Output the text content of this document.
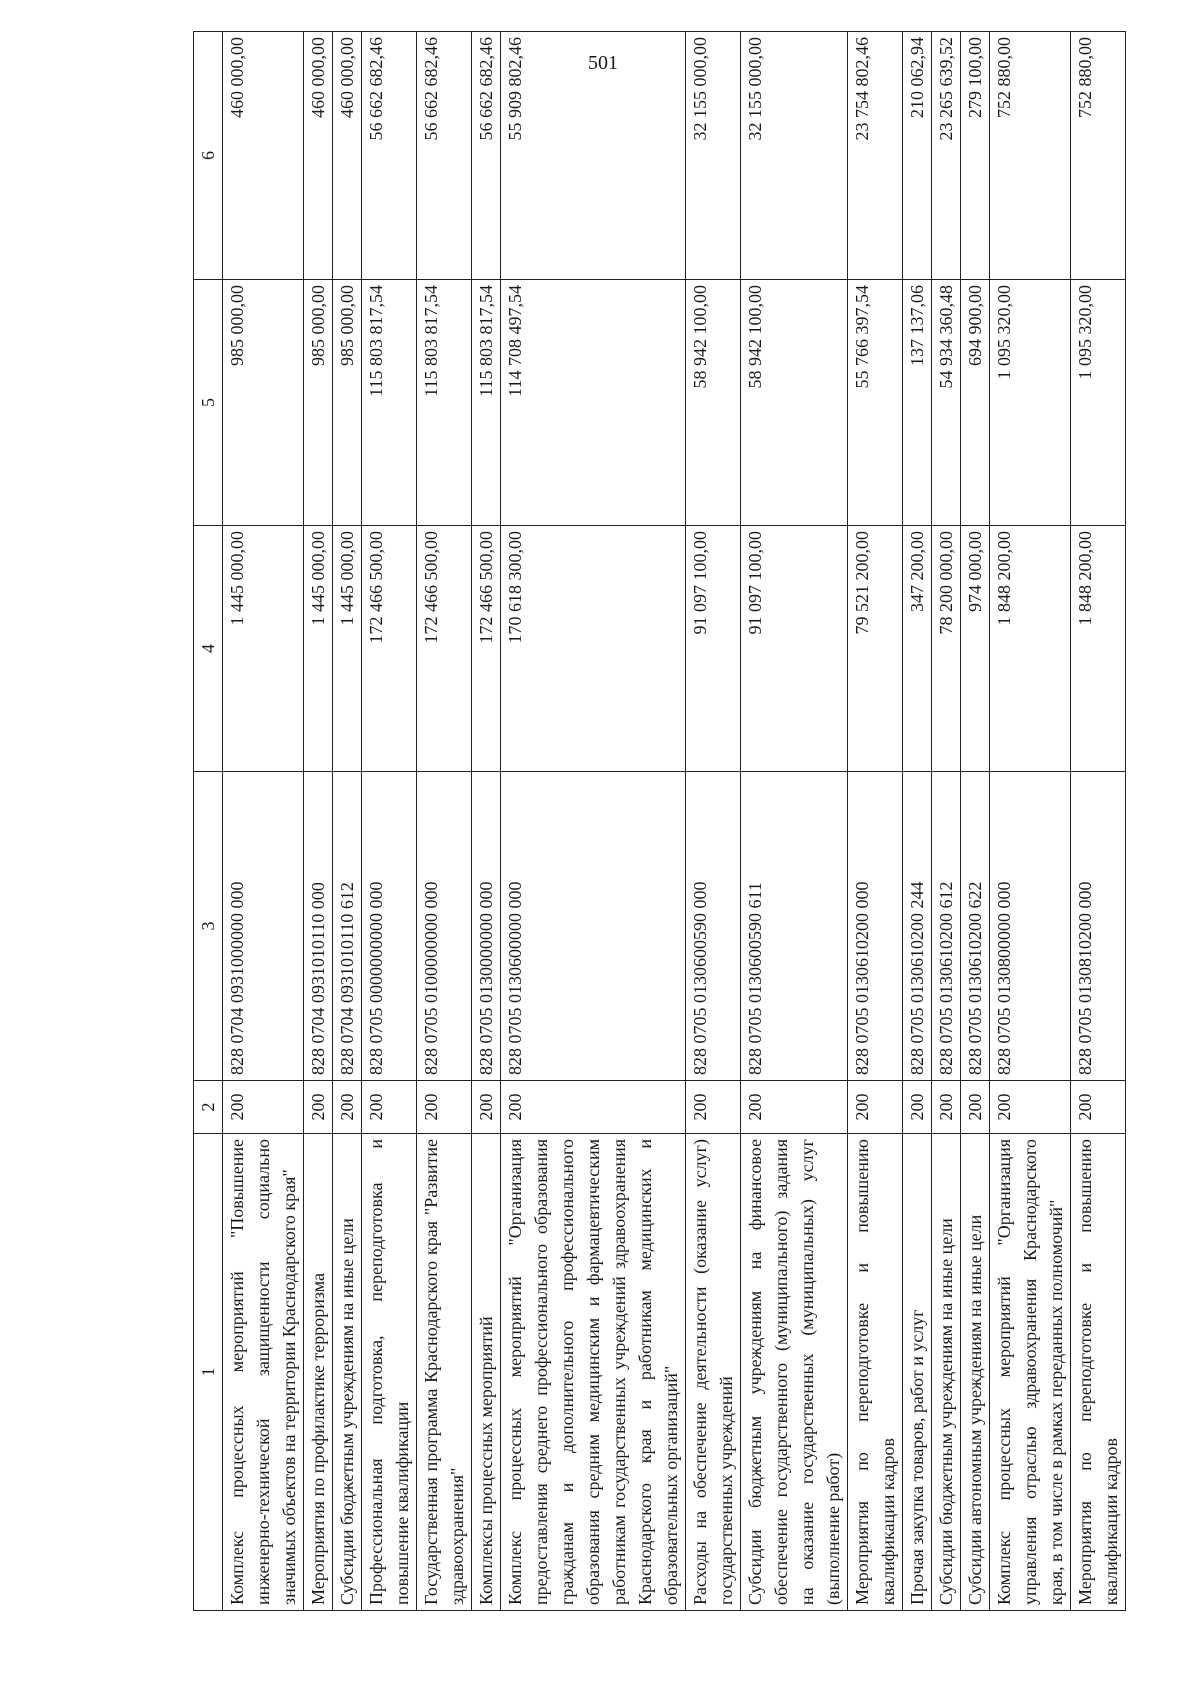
501
1	2	3	4	5	6
Комплекс процессных мероприятий "Повышение инженерно-технической защищенности социально значимых объектов на территории Краснодарского края"	200	828 0704 0931000000 000	1 445 000,00	985 000,00	460 000,00
Мероприятия по профилактике терроризма	200	828 0704 0931010110 000	1 445 000,00	985 000,00	460 000,00
Субсидии бюджетным учреждениям на иные цели	200	828 0704 0931010110 612	1 445 000,00	985 000,00	460 000,00
Профессиональная подготовка, переподготовка и повышение квалификации	200	828 0705 0000000000 000	172 466 500,00	115 803 817,54	56 662 682,46
Государственная программа Краснодарского края "Развитие здравоохранения"	200	828 0705 0100000000 000	172 466 500,00	115 803 817,54	56 662 682,46
Комплексы процессных мероприятий	200	828 0705 0130000000 000	172 466 500,00	115 803 817,54	56 662 682,46
Комплекс процессных мероприятий "Организация предоставления среднего профессионального образования гражданам и дополнительного профессионального образования средним медицинским и фармацевтическим работникам государственных учреждений здравоохранения Краснодарского края и работникам медицинских и образовательных организаций"	200	828 0705 0130600000 000	170 618 300,00	114 708 497,54	55 909 802,46
Расходы на обеспечение деятельности (оказание услуг) государственных учреждений	200	828 0705 0130600590 000	91 097 100,00	58 942 100,00	32 155 000,00
Субсидии бюджетным учреждениям на финансовое обеспечение государственного (муниципального) задания на оказание государственных (муниципальных) услуг (выполнение работ)	200	828 0705 0130600590 611	91 097 100,00	58 942 100,00	32 155 000,00
Мероприятия по переподготовке и повышению квалификации кадров	200	828 0705 0130610200 000	79 521 200,00	55 766 397,54	23 754 802,46
Прочая закупка товаров, работ и услуг	200	828 0705 0130610200 244	347 200,00	137 137,06	210 062,94
Субсидии бюджетным учреждениям на иные цели	200	828 0705 0130610200 612	78 200 000,00	54 934 360,48	23 265 639,52
Субсидии автономным учреждениям на иные цели	200	828 0705 0130610200 622	974 000,00	694 900,00	279 100,00
Комплекс процессных мероприятий "Организация управления отраслью здравоохранения Краснодарского края, в том числе в рамках переданных полномочий"	200	828 0705 0130800000 000	1 848 200,00	1 095 320,00	752 880,00
Мероприятия по переподготовке и повышению квалификации кадров	200	828 0705 0130810200 000	1 848 200,00	1 095 320,00	752 880,00
